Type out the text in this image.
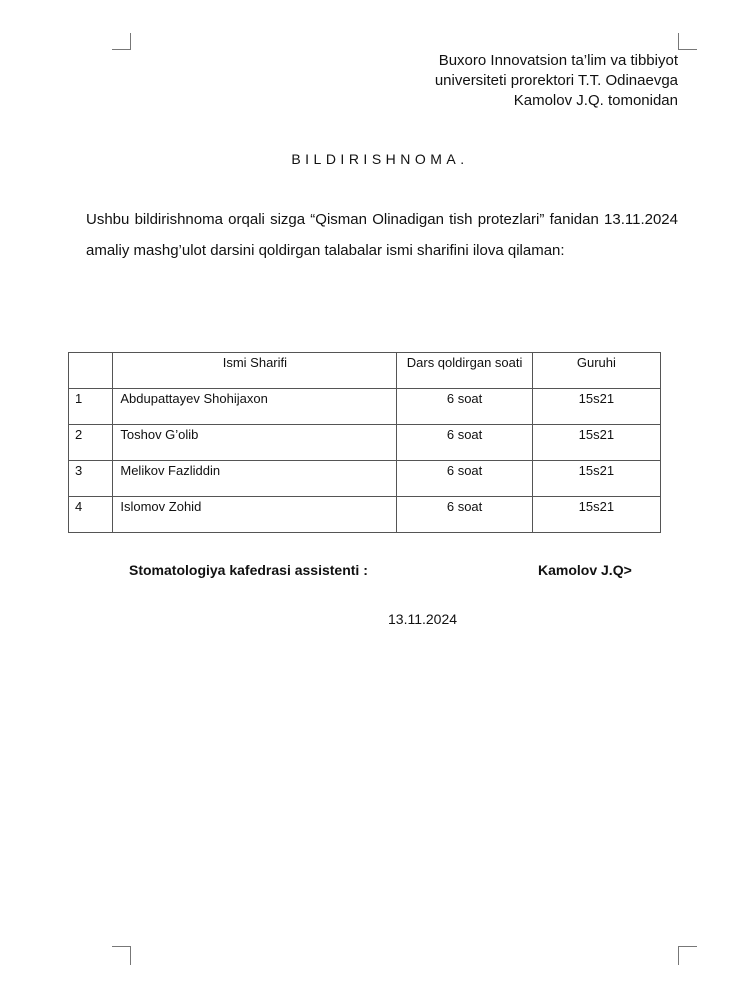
Buxoro Innovatsion ta’lim va tibbiyot
universiteti prorektori T.T. Odinaevga
Kamolov J.Q. tomonidan
BILDIRISHNOMA.
Ushbu bildirishnoma orqali sizga “Qisman Olinadigan tish protezlari” fanidan 13.11.2024 amaliy mashg’ulot darsini qoldirgan talabalar ismi sharifini ilova qilaman:
	Ismi Sharifi	Dars qoldirgan soati	Guruhi
1	Abdupattayev Shohijaxon	6 soat	15s21
2	Toshov G’olib	6 soat	15s21
3	Melikov Fazliddin	6 soat	15s21
4	Islomov Zohid	6 soat	15s21
Stomatologiya kafedrasi assistenti :	Kamolov J.Q>
13.11.2024
